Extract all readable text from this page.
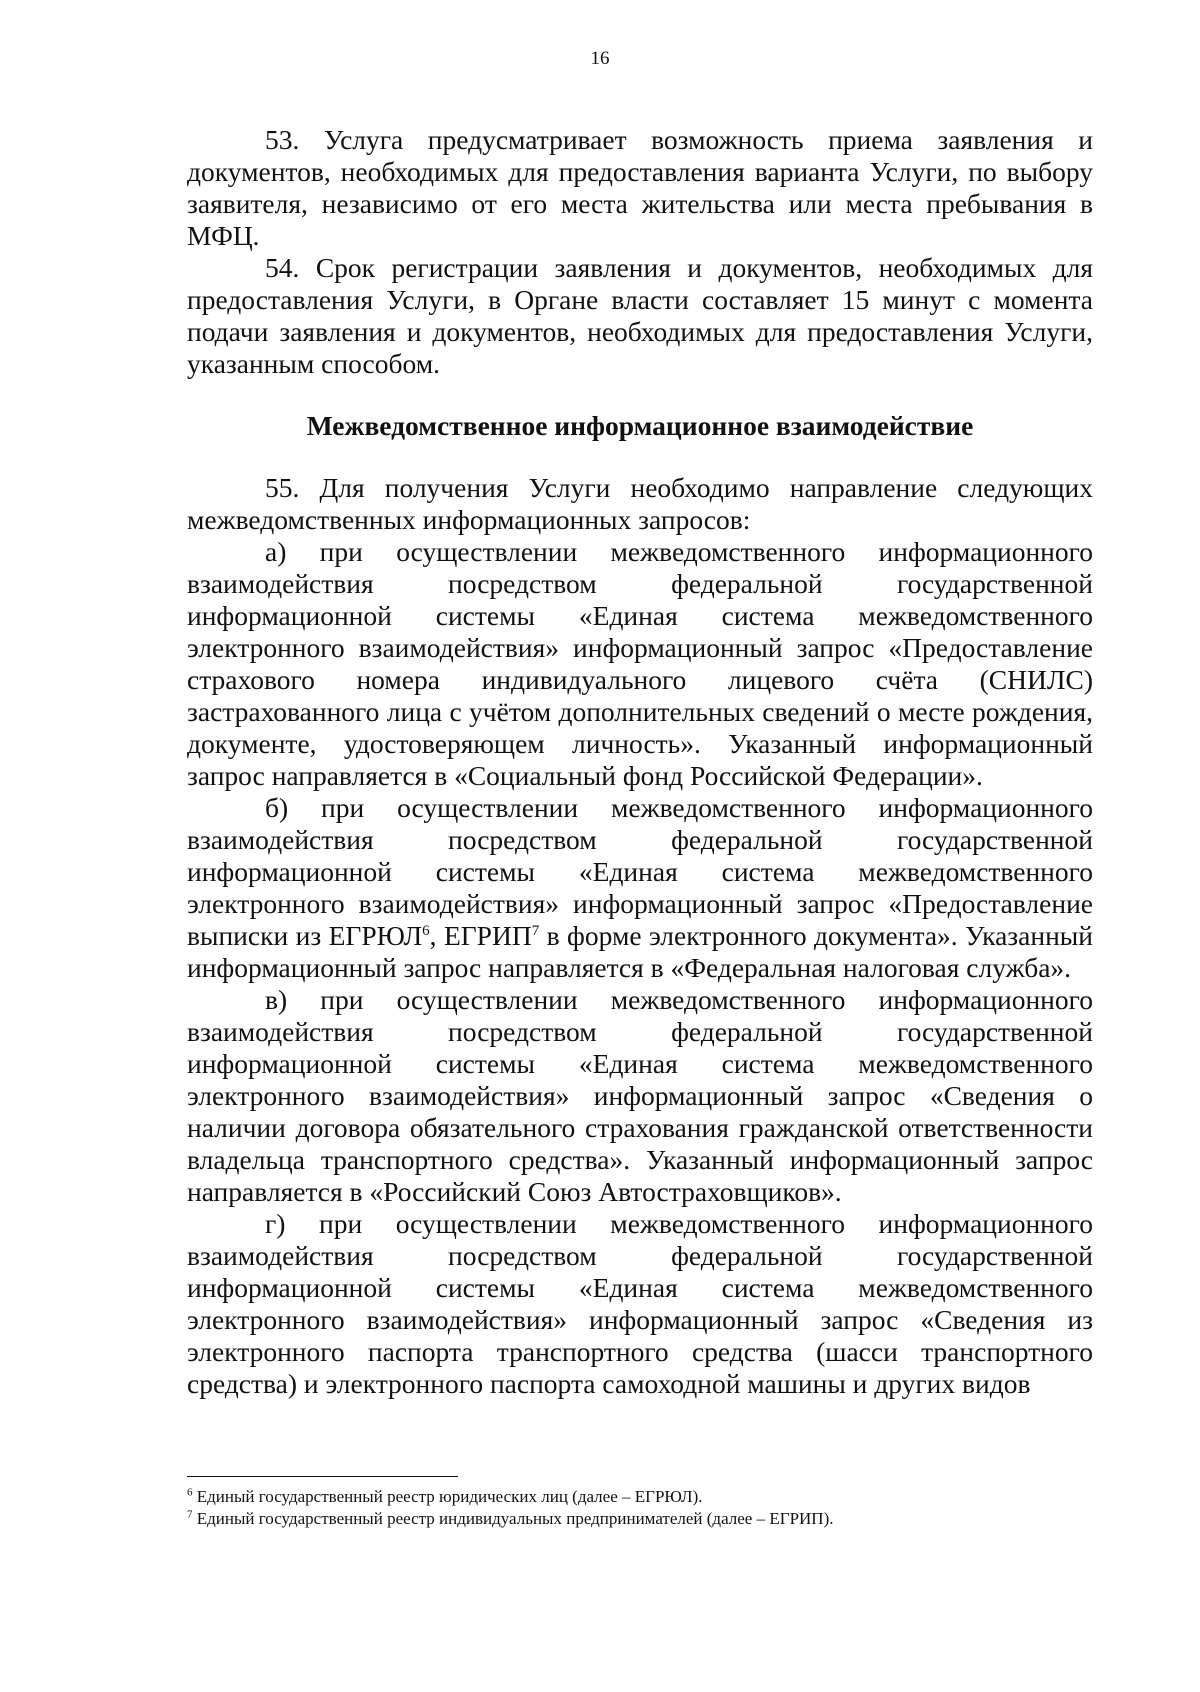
16

53. Услуга предусматривает возможность приема заявления и документов, необходимых для предоставления варианта Услуги, по выбору заявителя, независимо от его места жительства или места пребывания в МФЦ.

54. Срок регистрации заявления и документов, необходимых для предоставления Услуги, в Органе власти составляет 15 минут с момента подачи заявления и документов, необходимых для предоставления Услуги, указанным способом.

Межведомственное информационное взаимодействие

55. Для получения Услуги необходимо направление следующих межведомственных информационных запросов:

а) при осуществлении межведомственного информационного взаимодействия посредством федеральной государственной информационной системы «Единая система межведомственного электронного взаимодействия» информационный запрос «Предоставление страхового номера индивидуального лицевого счёта (СНИЛС) застрахованного лица с учётом дополнительных сведений о месте рождения, документе, удостоверяющем личность». Указанный информационный запрос направляется в «Социальный фонд Российской Федерации».

б) при осуществлении межведомственного информационного взаимодействия посредством федеральной государственной информационной системы «Единая система межведомственного электронного взаимодействия» информационный запрос «Предоставление выписки из ЕГРЮЛ$^6$, ЕГРИП$^7$ в форме электронного документа». Указанный информационный запрос направляется в «Федеральная налоговая служба».

в) при осуществлении межведомственного информационного взаимодействия посредством федеральной государственной информационной системы «Единая система межведомственного электронного взаимодействия» информационный запрос «Сведения о наличии договора обязательного страхования гражданской ответственности владельца транспортного средства». Указанный информационный запрос направляется в «Российский Союз Автостраховщиков».

г) при осуществлении межведомственного информационного взаимодействия посредством федеральной государственной информационной системы «Единая система межведомственного электронного взаимодействия» информационный запрос «Сведения из электронного паспорта транспортного средства (шасси транспортного средства) и электронного паспорта самоходной машины и других видов

$^6$ Единый государственный реестр юридических лиц (далее – ЕГРЮЛ).

$^7$ Единый государственный реестр индивидуальных предпринимателей (далее – ЕГРИП).
